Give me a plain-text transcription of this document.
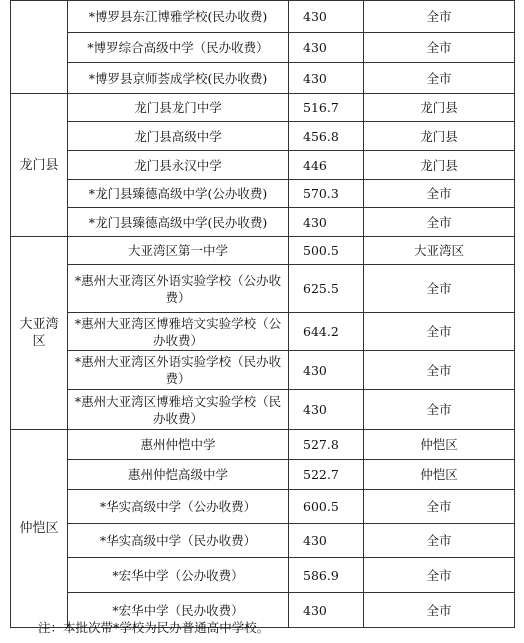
	*博罗县东江博雅学校(民办收费)	430	全市
	*博罗综合高级中学（民办收费）	430	全市
	*博罗县京师荟成学校(民办收费)	430	全市
龙门县	龙门县龙门中学	516.7	龙门县
	龙门县高级中学	456.8	龙门县
	龙门县永汉中学	446	龙门县
	*龙门县臻德高级中学(公办收费)	570.3	全市
	*龙门县臻德高级中学(民办收费)	430	全市
大亚湾区	大亚湾区第一中学	500.5	大亚湾区
	*惠州大亚湾区外语实验学校（公办收费）	625.5	全市
	*惠州大亚湾区博雅培文实验学校（公办收费）	644.2	全市
	*惠州大亚湾区外语实验学校（民办收费）	430	全市
	*惠州大亚湾区博雅培文实验学校（民办收费）	430	全市
仲恺区	惠州仲恺中学	527.8	仲恺区
	惠州仲恺高级中学	522.7	仲恺区
	*华实高级中学（公办收费）	600.5	全市
	*华实高级中学（民办收费）	430	全市
	*宏华中学（公办收费）	586.9	全市
	*宏华中学（民办收费）	430	全市
注：本批次带*学校为民办普通高中学校。
